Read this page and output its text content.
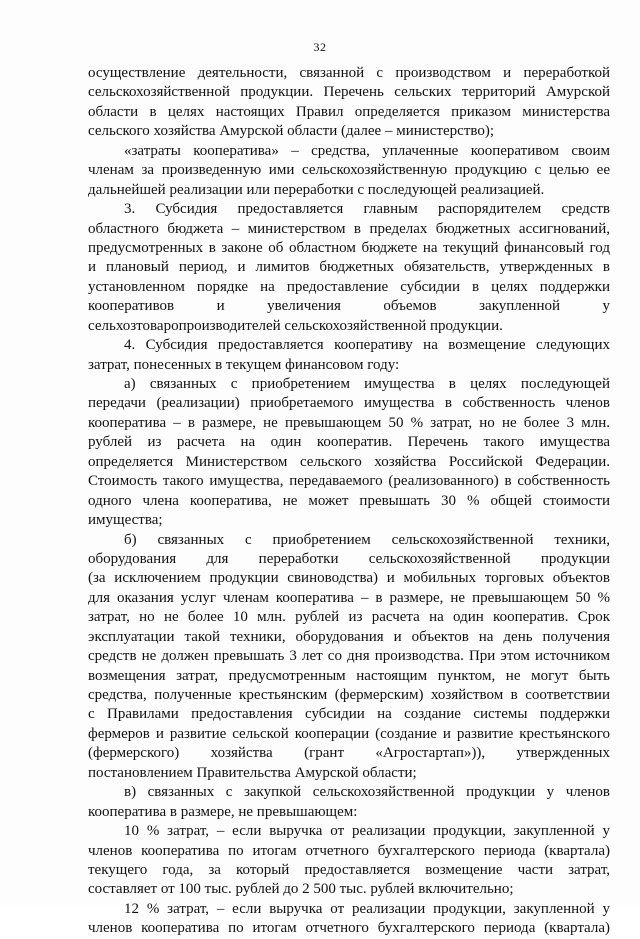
32
осуществление деятельности, связанной с производством и переработкой
сельскохозяйственной продукции. Перечень сельских территорий Амурской
области в целях настоящих Правил определяется приказом министерства
сельского хозяйства Амурской области (далее – министерство);
«затраты кооператива» – средства, уплаченные кооперативом своим
членам за произведенную ими сельскохозяйственную продукцию с целью ее
дальнейшей реализации или переработки с последующей реализацией.
3. Субсидия предоставляется главным распорядителем средств
областного бюджета – министерством в пределах бюджетных ассигнований,
предусмотренных в законе об областном бюджете на текущий финансовый год
и плановый период, и лимитов бюджетных обязательств, утвержденных в
установленном порядке на предоставление субсидии в целях поддержки
кооперативов и увеличения объемов закупленной у
сельхозтоваропроизводителей сельскохозяйственной продукции.
4. Субсидия предоставляется кооперативу на возмещение следующих
затрат, понесенных в текущем финансовом году:
а) связанных с приобретением имущества в целях последующей
передачи (реализации) приобретаемого имущества в собственность членов
кооператива – в размере, не превышающем 50 % затрат, но не более 3 млн.
рублей из расчета на один кооператив. Перечень такого имущества
определяется Министерством сельского хозяйства Российской Федерации.
Стоимость такого имущества, передаваемого (реализованного) в собственность
одного члена кооператива, не может превышать 30 % общей стоимости
имущества;
б) связанных с приобретением сельскохозяйственной техники,
оборудования для переработки сельскохозяйственной продукции
(за исключением продукции свиноводства) и мобильных торговых объектов
для оказания услуг членам кооператива – в размере, не превышающем 50 %
затрат, но не более 10 млн. рублей из расчета на один кооператив. Срок
эксплуатации такой техники, оборудования и объектов на день получения
средств не должен превышать 3 лет со дня производства. При этом источником
возмещения затрат, предусмотренным настоящим пунктом, не могут быть
средства, полученные крестьянским (фермерским) хозяйством в соответствии
с Правилами предоставления субсидии на создание системы поддержки
фермеров и развитие сельской кооперации (создание и развитие крестьянского
(фермерского) хозяйства (грант «Агростартап»)), утвержденных
постановлением Правительства Амурской области;
в) связанных с закупкой сельскохозяйственной продукции у членов
кооператива в размере, не превышающем:
10 % затрат, – если выручка от реализации продукции, закупленной у
членов кооператива по итогам отчетного бухгалтерского периода (квартала)
текущего года, за который предоставляется возмещение части затрат,
составляет от 100 тыс. рублей до 2 500 тыс. рублей включительно;
12 % затрат, – если выручка от реализации продукции, закупленной у
членов кооператива по итогам отчетного бухгалтерского периода (квартала)
